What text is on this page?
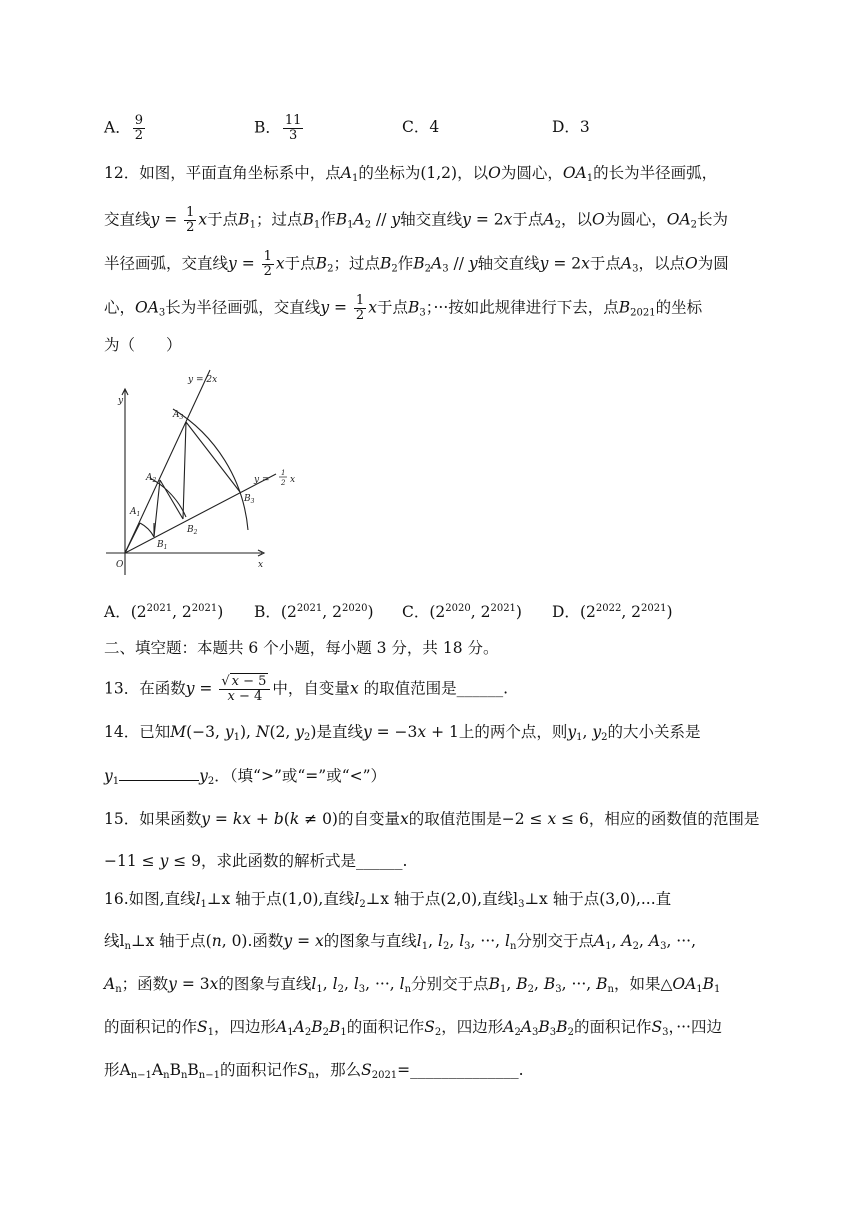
A． $\frac{9}{2}$	B． $\frac{11}{3}$	C．4	D．3
12．如图，平面直角坐标系中，点$A_1$的坐标为(1,2)，以O为圆心，$OA_1$的长为半径画弧，
交直线$y = \frac{1}{2}$ x于点$B_1$；过点$B_1$作$B_1A_2$ // y轴交直线y = 2x于点$A_2$，以O为圆心，$OA_2$长为
半径画弧，交直线$y = \frac{1}{2}$ x于点$B_2$；过点$B_2$作$B_2A_3$ // y轴交直线y = 2x于点$A_3$，以点O为圆
心，$OA_3$长为半径画弧，交直线$y = \frac{1}{2}$ x于点$B_3$；···按如此规律进行下去，点$B_{2021}$的坐标
为（　　）
y
x
O
y = 2x
y =
1
2 x
$A_1$
$A_2$
$A_3$
$B_1$
$B_2$
$B_3$
A．($2^{2021}$, $2^{2021}$) B．($2^{2021}$, $2^{2020}$) C．($2^{2020}$, $2^{2021}$) D．($2^{2022}$, $2^{2021}$)
二、填空题：本题共 6 个小题，每小题 3 分，共 18 分。
13．在函数$y = \frac{√ x - 5}{x - 4}$ 中，自变量x 的取值范围是______.
14．已知M(−3, $y_1$), N(2, $y_2$)是直线y = −3x + 1上的两个点，则$y_1$, $y_2$的大小关系是
$y_1$	$y_2$．（填“>”或“=”或“<”）
15．如果函数y = kx + b(k ≠ 0)的自变量x的取值范围是−2 ≤ x ≤ 6，相应的函数值的范围是
−11 ≤ y ≤ 9，求此函数的解析式是______.
16.如图,直线$l_1\perp x$ 轴于点(1,0),直线$l_2\perp x$ 轴于点(2,0),直线$l_3\perp x$ 轴于点(3,0),...直
线$l_n\perp x$ 轴于点(n, 0).函数y = x的图象与直线$l_1$, $l_2$, $l_3$, ···, $l_n$分别交于点$A_1$, $A_2$, $A_3$, ···,
$A_n$；函数y = 3x的图象与直线$l_1$, $l_2$, $l_3$, ···, $l_n$分别交于点$B_1$, $B_2$, $B_3$, ···, $B_n$，如果$\triangle OA_1B_1$
的面积记的作$S_1$，四边形$A_1A_2B_2B_1$的面积记作$S_2$，四边形$A_2A_3B_3B_2$的面积记作$S_3$，···四边
形$A_{n-1}A_nB_nB_{n-1}$的面积记作$S_n$，那么$S_{2021}=\_\_\_\_\_\_\_\_\_\_\_\_\_\_$.
